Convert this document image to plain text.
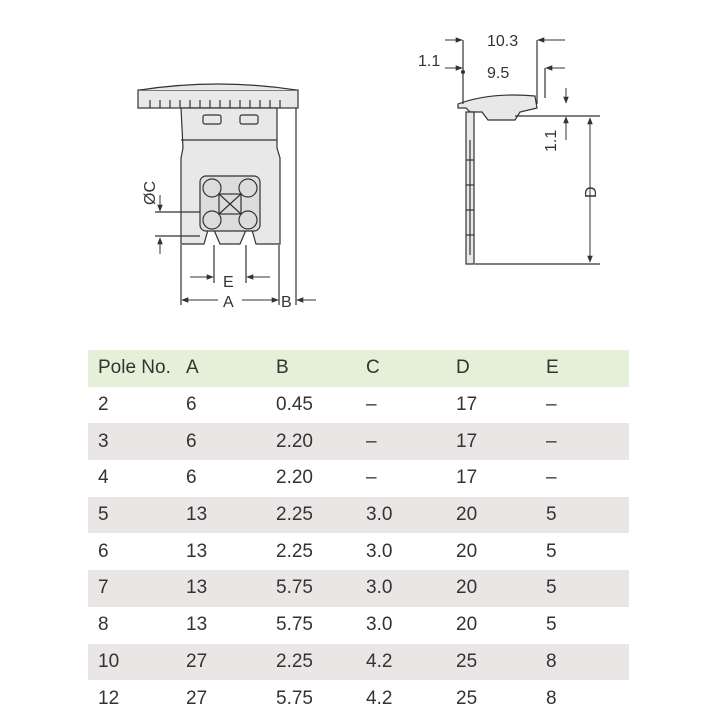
ØC
E
A	B
10.3
9.5
1.1
1.1
D
Pole No.	A	B	C	D	E
2	6	0.45	–	17	–
3	6	2.20	–	17	–
4	6	2.20	–	17	–
5	13	2.25	3.0	20	5
6	13	2.25	3.0	20	5
7	13	5.75	3.0	20	5
8	13	5.75	3.0	20	5
10	27	2.25	4.2	25	8
12	27	5.75	4.2	25	8
